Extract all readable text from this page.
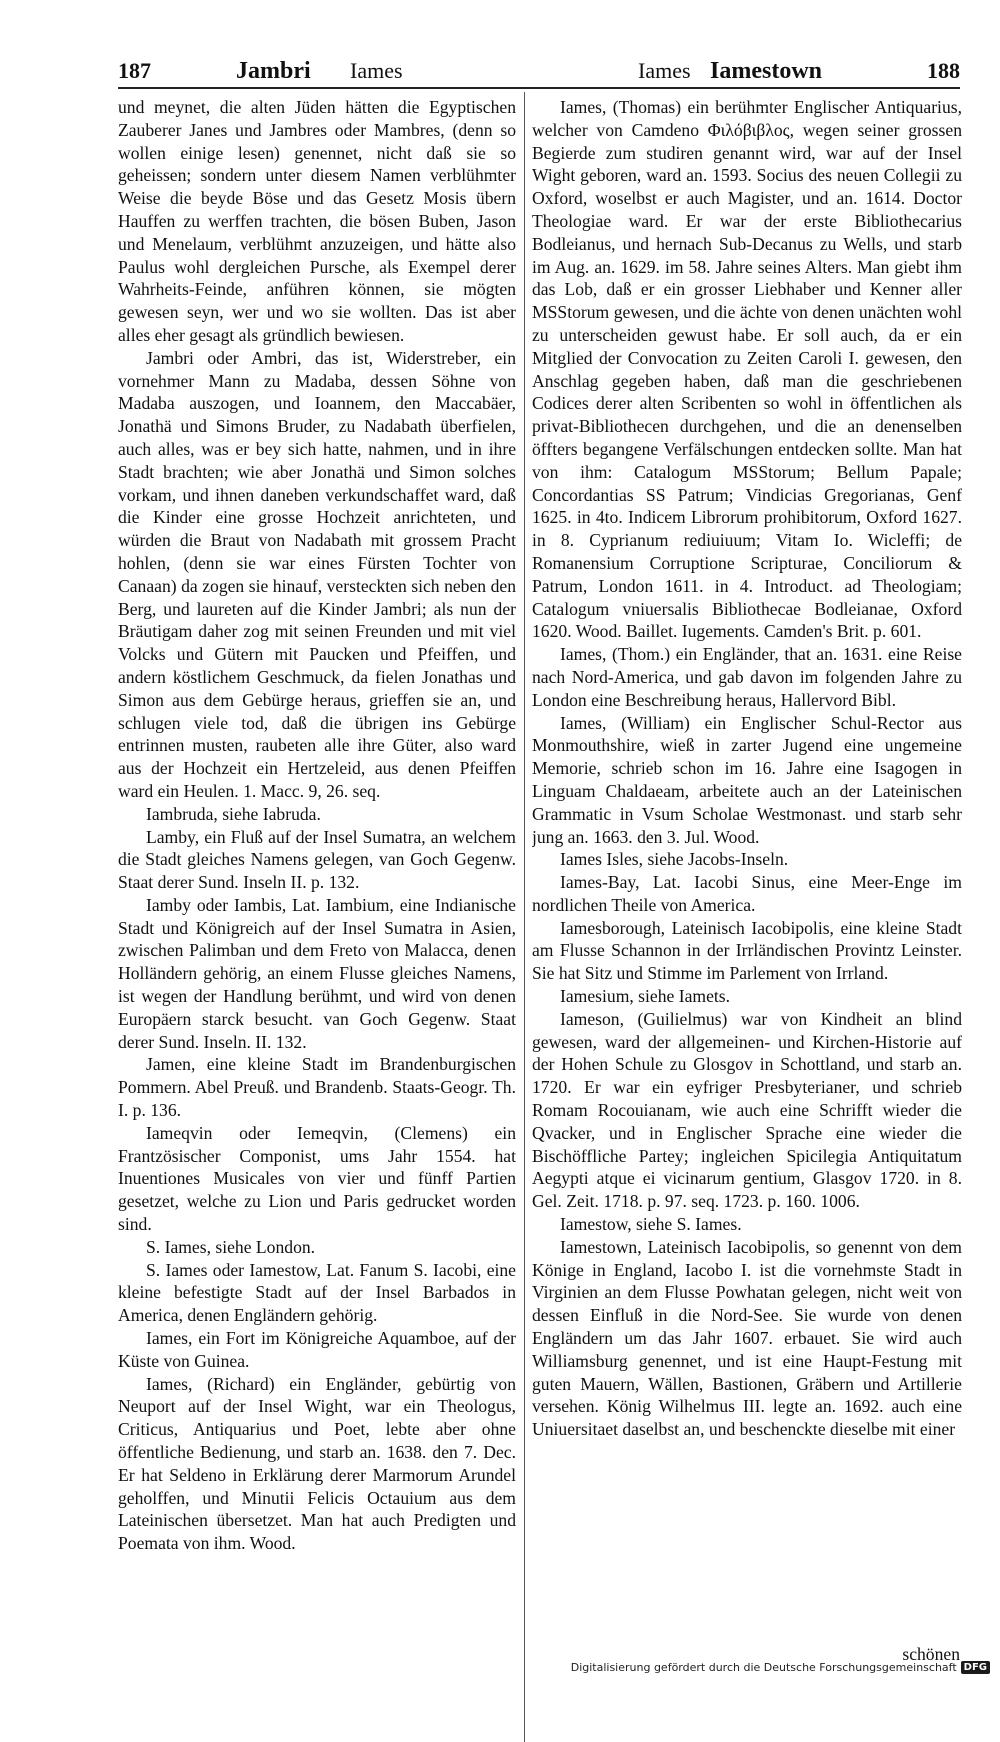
187	Jambri Iames	Iames Iamestown	188

und meynet, die alten Jüden hätten die Egyptischen Zauberer Janes und Jambres oder Mambres, (denn so wollen einige lesen) genennet, nicht daß sie so geheissen; sondern unter diesem Namen verblühmter Weise die beyde Böse und das Gesetz Mosis übern Hauffen zu werffen trachten, die bösen Buben, Jason und Menelaum, verblühmt anzuzeigen, und hätte also Paulus wohl dergleichen Pursche, als Exempel derer Wahrheits-Feinde, anführen können, sie mögten gewesen seyn, wer und wo sie wollten. Das ist aber alles eher gesagt als gründlich bewiesen.

Jambri oder Ambri, das ist, Widerstreber, ein vornehmer Mann zu Madaba, dessen Söhne von Madaba auszogen, und Ioannem, den Maccabäer, Jonathä und Simons Bruder, zu Nadabath überfielen, auch alles, was er bey sich hatte, nahmen, und in ihre Stadt brachten; wie aber Jonathä und Simon solches vorkam, und ihnen daneben verkundschaffet ward, daß die Kinder eine grosse Hochzeit anrichteten, und würden die Braut von Nadabath mit grossem Pracht hohlen, (denn sie war eines Fürsten Tochter von Canaan) da zogen sie hinauf, versteckten sich neben den Berg, und laureten auf die Kinder Jambri; als nun der Bräutigam daher zog mit seinen Freunden und mit viel Volcks und Gütern mit Paucken und Pfeiffen, und andern köstlichem Geschmuck, da fielen Jonathas und Simon aus dem Gebürge heraus, grieffen sie an, und schlugen viele tod, daß die übrigen ins Gebürge entrinnen musten, raubeten alle ihre Güter, also ward aus der Hochzeit ein Hertzeleid, aus denen Pfeiffen ward ein Heulen. 1. Macc. 9, 26. seq.

Iambruda, siehe Iabruda.

Lamby, ein Fluß auf der Insel Sumatra, an welchem die Stadt gleiches Namens gelegen, van Goch Gegenw. Staat derer Sund. Inseln II. p. 132.

Iamby oder Iambis, Lat. Iambium, eine Indianische Stadt und Königreich auf der Insel Sumatra in Asien, zwischen Palimban und dem Freto von Malacca, denen Holländern gehörig, an einem Flusse gleiches Namens, ist wegen der Handlung berühmt, und wird von denen Europäern starck besucht. van Goch Gegenw. Staat derer Sund. Inseln. II. 132.

Jamen, eine kleine Stadt im Brandenburgischen Pommern. Abel Preuß. und Brandenb. Staats-Geogr. Th. I. p. 136.

Iameqvin oder Iemeqvin, (Clemens) ein Frantzösischer Componist, ums Jahr 1554. hat Inuentiones Musicales von vier und fünff Partien gesetzet, welche zu Lion und Paris gedrucket worden sind.

S. Iames, siehe London.

S. Iames oder Iamestow, Lat. Fanum S. Iacobi, eine kleine befestigte Stadt auf der Insel Barbados in America, denen Engländern gehörig.

Iames, ein Fort im Königreiche Aquamboe, auf der Küste von Guinea.

Iames, (Richard) ein Engländer, gebürtig von Neuport auf der Insel Wight, war ein Theologus, Criticus, Antiquarius und Poet, lebte aber ohne öffentliche Bedienung, und starb an. 1638. den 7. Dec. Er hat Seldeno in Erklärung derer Marmorum Arundel geholffen, und Minutii Felicis Octauium aus dem Lateinischen übersetzet. Man hat auch Predigten und Poemata von ihm. Wood.

Iames, (Thomas) ein berühmter Englischer Antiquarius, welcher von Camdeno Φιλόβιβλος, wegen seiner grossen Begierde zum studiren genannt wird, war auf der Insel Wight geboren, ward an. 1593. Socius des neuen Collegii zu Oxford, woselbst er auch Magister, und an. 1614. Doctor Theologiae ward. Er war der erste Bibliothecarius Bodleianus, und hernach Sub-Decanus zu Wells, und starb im Aug. an. 1629. im 58. Jahre seines Alters. Man giebt ihm das Lob, daß er ein grosser Liebhaber und Kenner aller MSStorum gewesen, und die ächte von denen unächten wohl zu unterscheiden gewust habe. Er soll auch, da er ein Mitglied der Convocation zu Zeiten Caroli I. gewesen, den Anschlag gegeben haben, daß man die geschriebenen Codices derer alten Scribenten so wohl in öffentlichen als privat-Bibliothecen durchgehen, und die an denenselben öffters begangene Verfälschungen entdecken sollte. Man hat von ihm: Catalogum MSStorum; Bellum Papale; Concordantias SS Patrum; Vindicias Gregorianas, Genf 1625. in 4to. Indicem Librorum prohibitorum, Oxford 1627. in 8. Cyprianum rediuiuum; Vitam Io. Wicleffi; de Romanensium Corruptione Scripturae, Conciliorum & Patrum, London 1611. in 4. Introduct. ad Theologiam; Catalogum vniuersalis Bibliothecae Bodleianae, Oxford 1620. Wood. Baillet. Iugements. Camden's Brit. p. 601.

Iames, (Thom.) ein Engländer, that an. 1631. eine Reise nach Nord-America, und gab davon im folgenden Jahre zu London eine Beschreibung heraus, Hallervord Bibl.

Iames, (William) ein Englischer Schul-Rector aus Monmouthshire, wieß in zarter Jugend eine ungemeine Memorie, schrieb schon im 16. Jahre eine Isagogen in Linguam Chaldaeam, arbeitete auch an der Lateinischen Grammatic in Vsum Scholae Westmonast. und starb sehr jung an. 1663. den 3. Jul. Wood.

Iames Isles, siehe Jacobs-Inseln.

Iames-Bay, Lat. Iacobi Sinus, eine Meer-Enge im nordlichen Theile von America.

Iamesborough, Lateinisch Iacobipolis, eine kleine Stadt am Flusse Schannon in der Irrländischen Provintz Leinster. Sie hat Sitz und Stimme im Parlement von Irrland.

Iamesium, siehe Iamets.

Iameson, (Guilielmus) war von Kindheit an blind gewesen, ward der allgemeinen- und Kirchen-Historie auf der Hohen Schule zu Glosgov in Schottland, und starb an. 1720. Er war ein eyfriger Presbyterianer, und schrieb Romam Rocouianam, wie auch eine Schrifft wieder die Qvacker, und in Englischer Sprache eine wieder die Bischöffliche Partey; ingleichen Spicilegia Antiquitatum Aegypti atque ei vicinarum gentium, Glasgov 1720. in 8. Gel. Zeit. 1718. p. 97. seq. 1723. p. 160. 1006.

Iamestow, siehe S. Iames.

Iamestown, Lateinisch Iacobipolis, so genennt von dem Könige in England, Iacobo I. ist die vornehmste Stadt in Virginien an dem Flusse Powhatan gelegen, nicht weit von dessen Einfluß in die Nord-See. Sie wurde von denen Engländern um das Jahr 1607. erbauet. Sie wird auch Williamsburg genennet, und ist eine Haupt-Festung mit guten Mauern, Wällen, Bastionen, Gräbern und Artillerie versehen. König Wilhelmus III. legte an. 1692. auch eine Uniuersitaet daselbst an, und beschenckte dieselbe mit einer

schönen
Digitalisierung gefördert durch die Deutsche Forschungsgemeinschaft DFG
